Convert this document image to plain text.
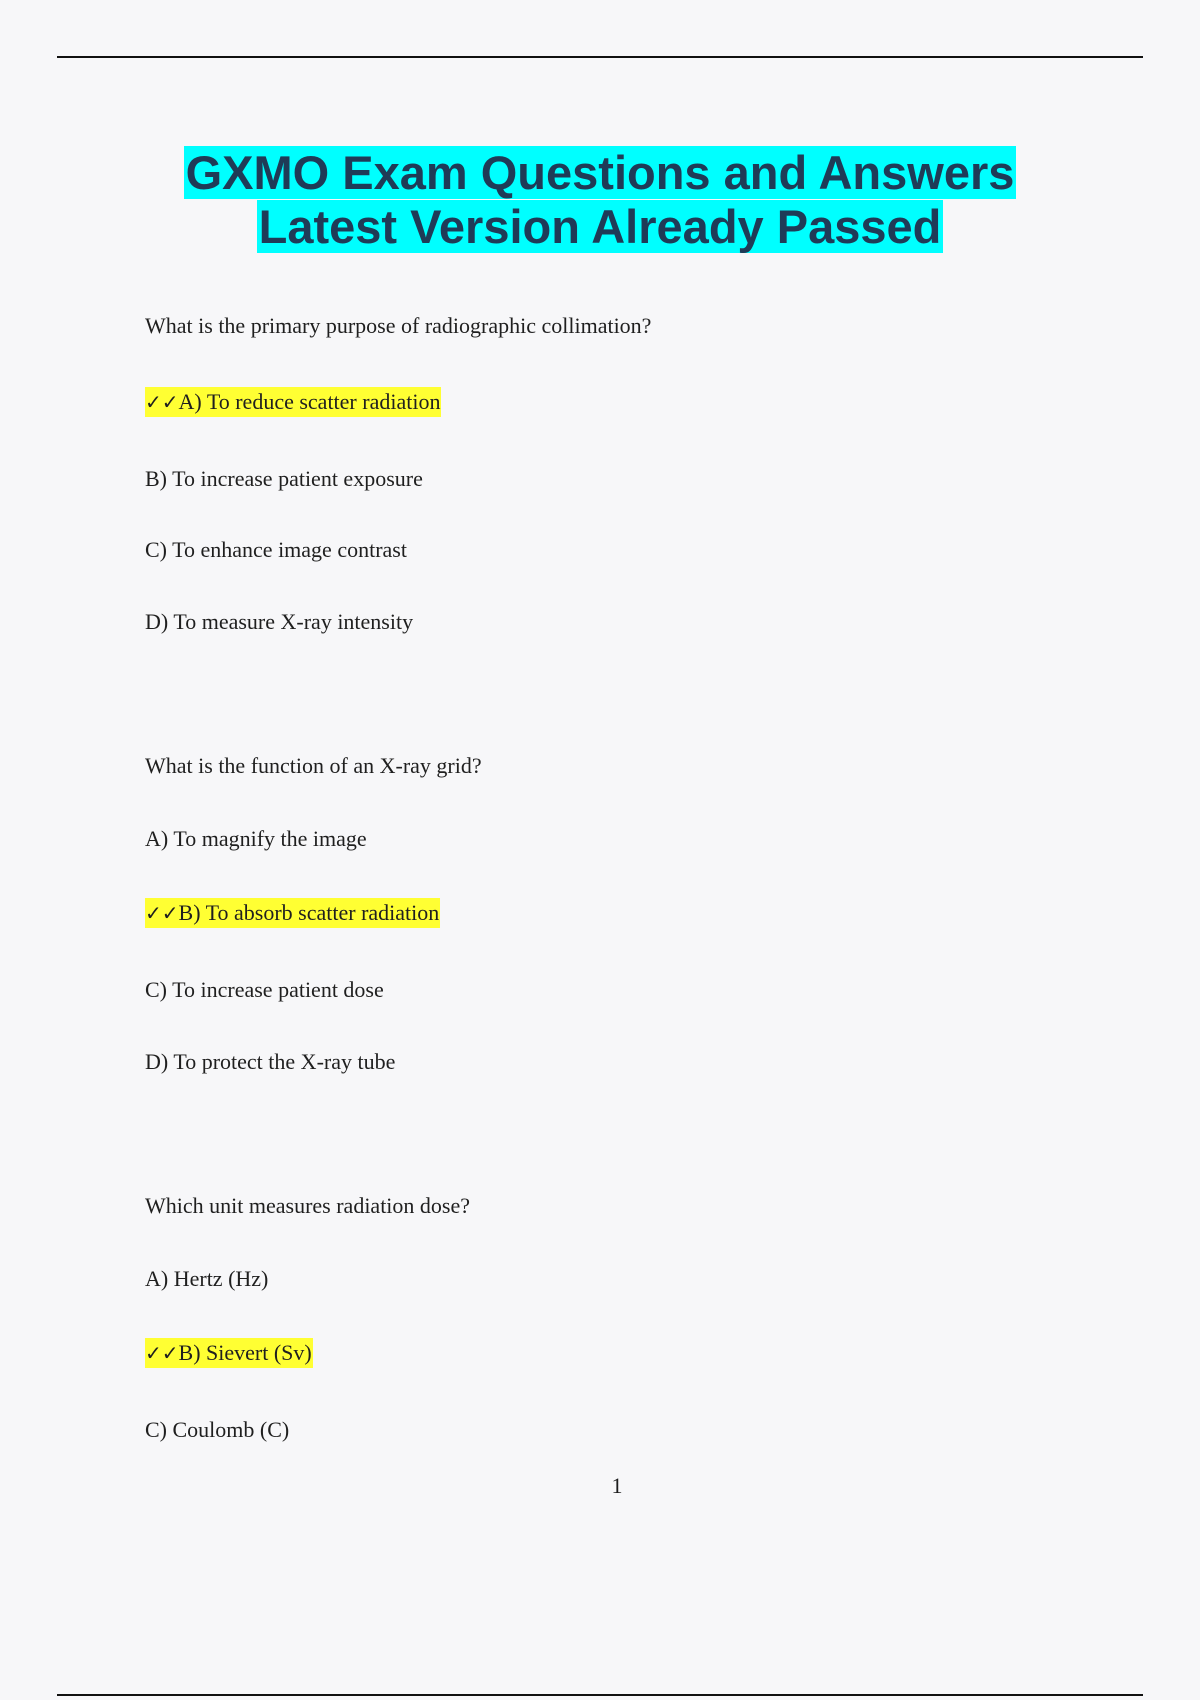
GXMO Exam Questions and Answers
Latest Version Already Passed
What is the primary purpose of radiographic collimation?
✓✓A) To reduce scatter radiation
B) To increase patient exposure
C) To enhance image contrast
D) To measure X-ray intensity
What is the function of an X-ray grid?
A) To magnify the image
✓✓B) To absorb scatter radiation
C) To increase patient dose
D) To protect the X-ray tube
Which unit measures radiation dose?
A) Hertz (Hz)
✓✓B) Sievert (Sv)
C) Coulomb (C)
1
